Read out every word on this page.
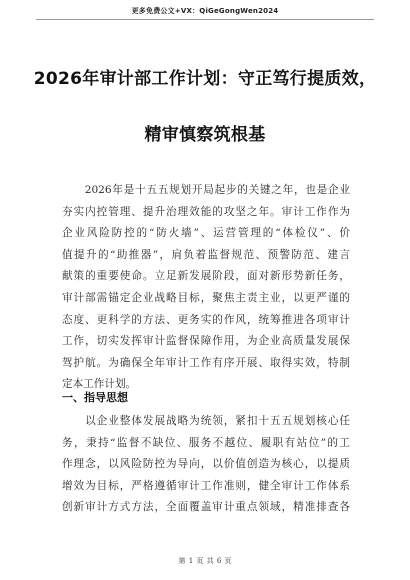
更多免费公文+VX：QiGeGongWen2024
2026年审计部工作计划：守正笃行提质效，
精审慎察筑根基
　　2026年是十五五规划开局起步的关键之年，也是企业
夯实内控管理、提升治理效能的攻坚之年。审计工作作为
企业风险防控的“防火墙”、运营管理的“体检仪”、价
值提升的“助推器”，肩负着监督规范、预警防范、建言
献策的重要使命。立足新发展阶段，面对新形势新任务，
审计部需锚定企业战略目标，聚焦主责主业，以更严谨的
态度、更科学的方法、更务实的作风，统筹推进各项审计
工作，切实发挥审计监督保障作用，为企业高质量发展保
驾护航。为确保全年审计工作有序开展、取得实效，特制
定本工作计划。
一、指导思想
　　以企业整体发展战略为统领，紧扣十五五规划核心任
务，秉持“监督不缺位、服务不越位、履职有站位”的工
作理念，以风险防控为导向，以价值创造为核心，以提质
增效为目标，严格遵循审计工作准则，健全审计工作体系
创新审计方式方法，全面覆盖审计重点领域，精准排查各
第 1 页 共 6 页
